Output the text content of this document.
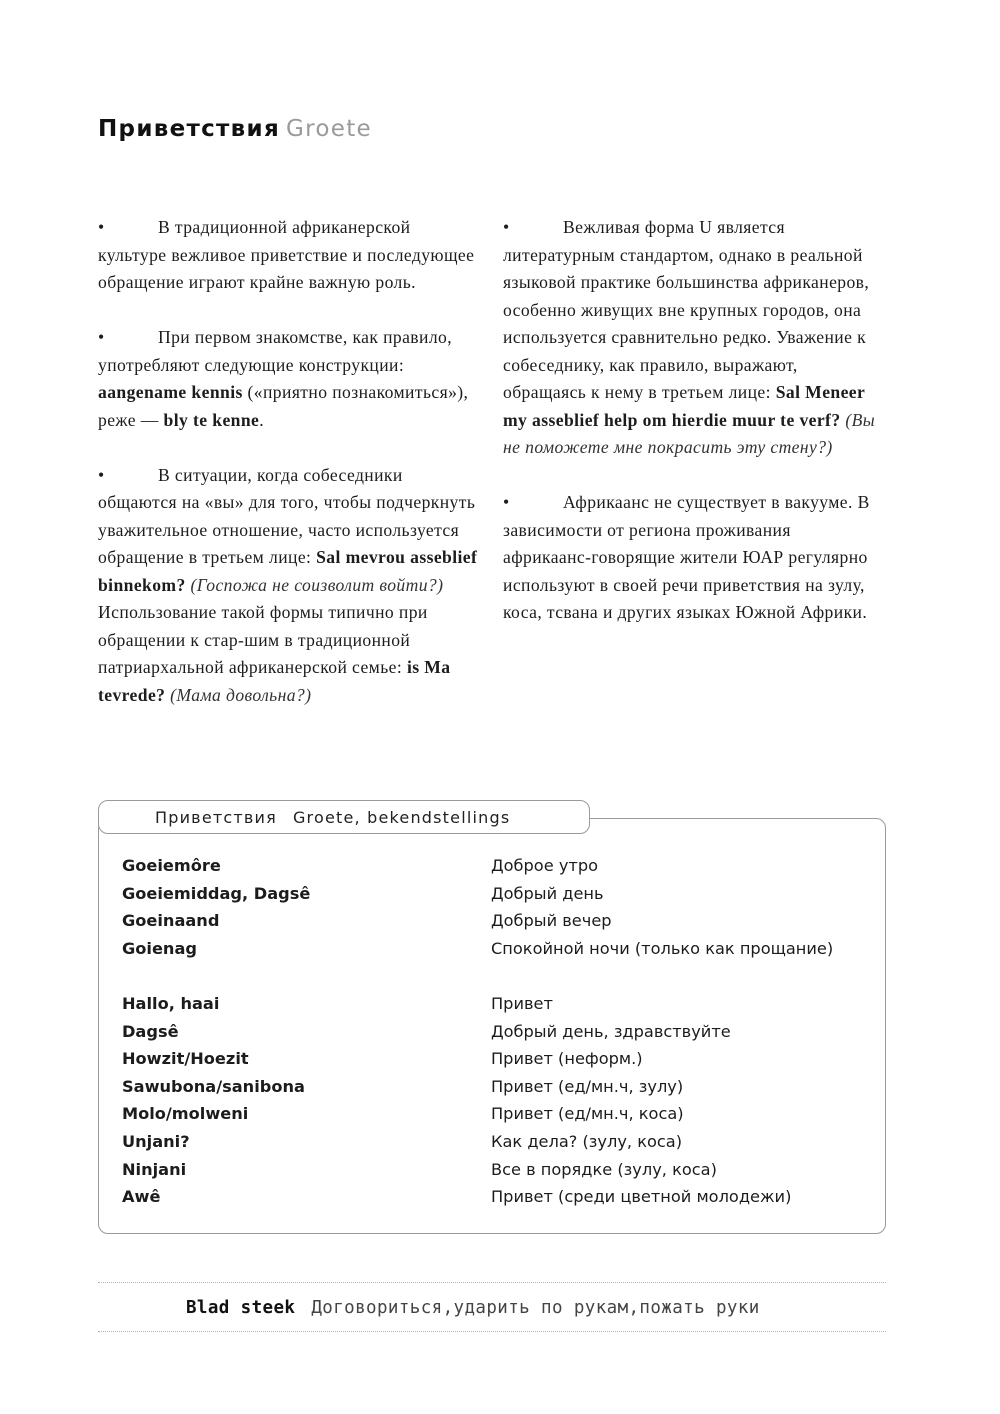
Приветствия Groete

•	В традиционной африканерской культуре вежливое приветствие и последующее обращение играют крайне важную роль.

•	При первом знакомстве, как правило, употребляют следующие конструкции: aangename kennis («приятно познакомиться»), реже — bly te kenne.

•	В ситуации, когда собеседники общаются на «вы» для того, чтобы подчеркнуть уважительное отношение, часто используется обращение в третьем лице: Sal mevrou asseblief binnekom? (Госпожа не соизволит войти?) Использование такой формы типично при обращении к стар-шим в традиционной патриархальной африканерской семье: is Ma tevrede? (Мама довольна?)

•	Вежливая форма U является литературным стандартом, однако в реальной языковой практике большинства африканеров, особенно живущих вне крупных городов, она используется сравнительно редко. Уважение к собеседнику, как правило, выражают, обращаясь к нему в третьем лице: Sal Meneer my asseblief help om hierdie muur te verf? (Вы не поможете мне покрасить эту стену?)

•	Африкаанс не существует в вакууме. В зависимости от региона проживания африкаанс-говорящие жители ЮАР регулярно используют в своей речи приветствия на зулу, коса, тсвана и других языках Южной Африки.

Приветствия Groete, bekendstellings
Goeiemôre	Доброе утро
Goeiemiddag, Dagsê	Добрый день
Goeinaand	Добрый вечер
Goienag	Спокойной ночи (только как прощание)
Hallo, haai	Привет
Dagsê	Добрый день, здравствуйте
Howzit/Hoezit	Привет (неформ.)
Sawubona/sanibona	Привет (ед/мн.ч, зулу)
Molo/molweni	Привет (ед/мн.ч, коса)
Unjani?	Как дела? (зулу, коса)
Ninjani	Все в порядке (зулу, коса)
Awê	Привет (среди цветной молодежи)
Blad steek Договориться,ударить по рукам,пожать руки
